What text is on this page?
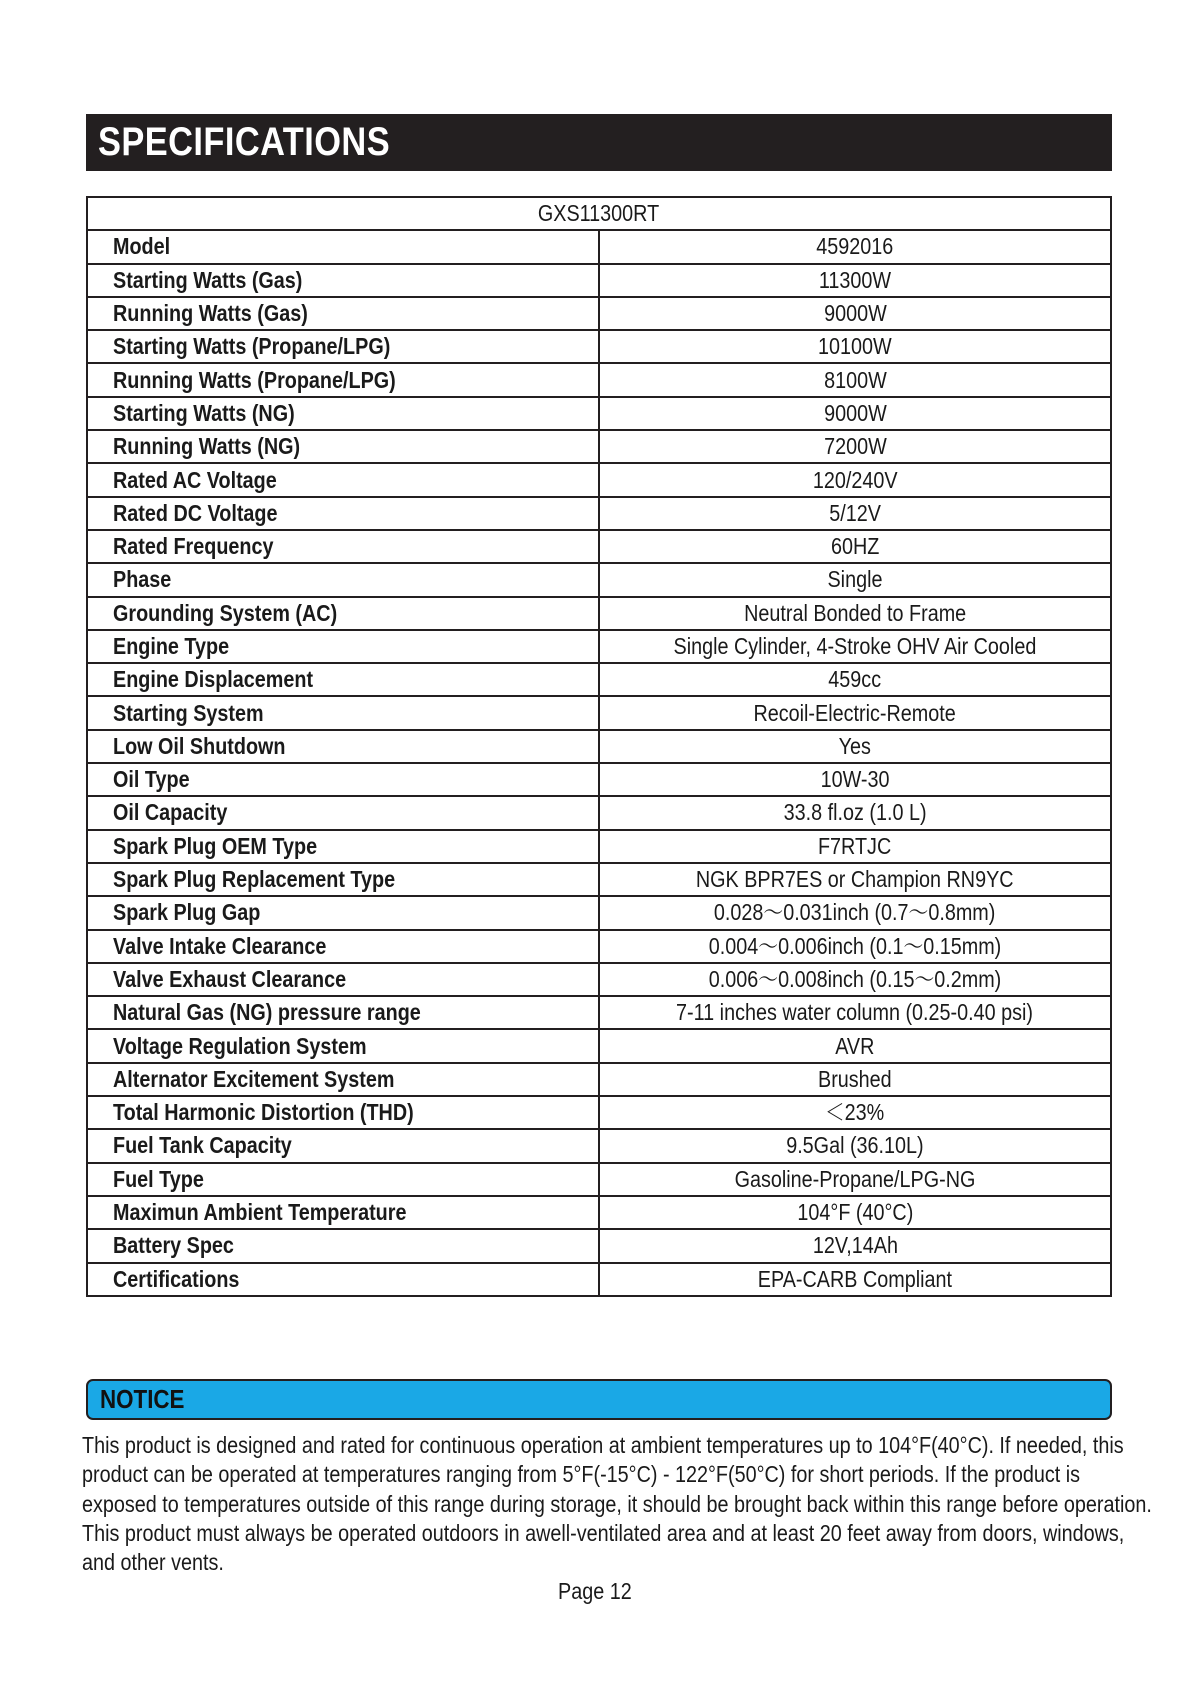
SPECIFICATIONS
GXS11300RT	
Model	4592016
Starting Watts (Gas)	11300W
Running Watts (Gas)	9000W
Starting Watts (Propane/LPG)	10100W
Running Watts (Propane/LPG)	8100W
Starting Watts (NG)	9000W
Running Watts (NG)	7200W
Rated AC Voltage	120/240V
Rated DC Voltage	5/12V
Rated Frequency	60HZ
Phase	Single
Grounding System (AC)	Neutral Bonded to Frame
Engine Type	Single Cylinder, 4-Stroke OHV Air Cooled
Engine Displacement	459cc
Starting System	Recoil-Electric-Remote
Low Oil Shutdown	Yes
Oil Type	10W-30
Oil Capacity	33.8 fl.oz (1.0 L)
Spark Plug OEM Type	F7RTJC
Spark Plug Replacement Type	NGK BPR7ES or Champion RN9YC
Spark Plug Gap	0.028～0.031inch (0.7～0.8mm)
Valve Intake Clearance	0.004～0.006inch (0.1～0.15mm)
Valve Exhaust Clearance	0.006～0.008inch (0.15～0.2mm)
Natural Gas (NG) pressure range	7-11 inches water column (0.25-0.40 psi)
Voltage Regulation System	AVR
Alternator Excitement System	Brushed
Total Harmonic Distortion (THD)	＜23%
Fuel Tank Capacity	9.5Gal (36.10L)
Fuel Type	Gasoline-Propane/LPG-NG
Maximun Ambient Temperature	104°F (40°C)
Battery Spec	12V,14Ah
Certifications	EPA-CARB Compliant
NOTICE

This product is designed and rated for continuous operation at ambient temperatures up to 104°F(40°C). If needed, this product can be operated at temperatures ranging from 5°F(-15°C) - 122°F(50°C) for short periods. If the product is exposed to temperatures outside of this range during storage, it should be brought back within this range before operation. This product must always be operated outdoors in awell-ventilated area and at least 20 feet away from doors, windows, and other vents.

Page 12
